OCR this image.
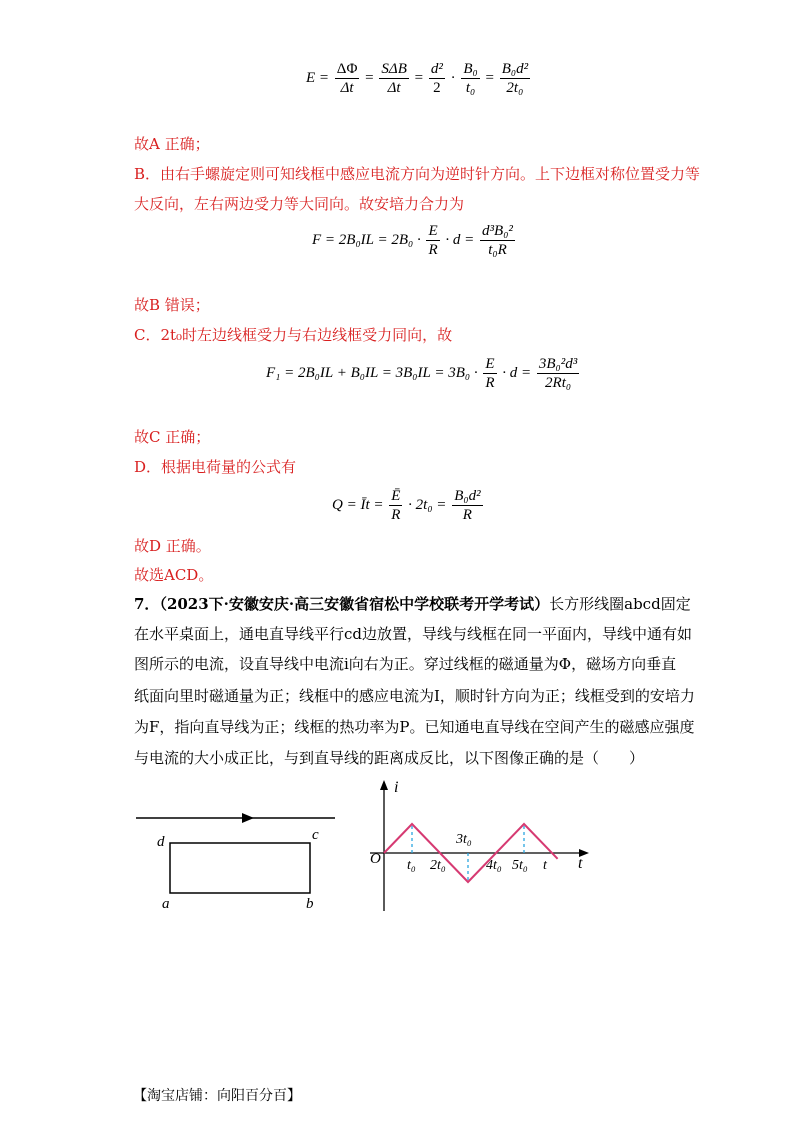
$E = \frac{\Delta\Phi}{\Delta t} = \frac{\text{SΔB}}{\Delta t} = \frac{\text{d²}}{2} \cdot \frac{\text{B₀}}{\text{t₀}} = \frac{\text{B₀d²}}{\text{2t₀}}$
故A 正确；
B．由右手螺旋定则可知线框中感应电流方向为逆时针方向。上下边框对称位置受力等
大反向，左右两边受力等大同向。故安培力合力为
$F = 2B_0IL = 2B_0 \cdot \frac{E}{R} \cdot d = \frac{\text{d³B₀²}}{\text{t₀R}}$
故B 错误；
C．2t₀时左边线框受力与右边线框受力同向，故
$F_1 = 2B_0IL + B_0IL = 3B_0IL = 3B_0 \cdot \frac{E}{R} \cdot d = \frac{\text{3B₀²d³}}{\text{2Rt₀}}$
故C 正确；
D．根据电荷量的公式有
Q = Īt = $\frac{Ē}{R} \cdot 2t_0 = \frac{\text{B₀d²}}{R}$
故D 正确。
故选ACD。
7．（2023下·安徽安庆·高三安徽省宿松中学校联考开学考试）长方形线圈abcd固定
在水平桌面上，通电直导线平行cd边放置，导线与线框在同一平面内，导线中通有如
图所示的电流，设直导线中电流i向右为正。穿过线框的磁通量为Φ，磁场方向垂直
纸面向里时磁通量为正；线框中的感应电流为I，顺时针方向为正；线框受到的安培力
为F，指向直导线为正；线框的热功率为P。已知通电直导线在空间产生的磁感应强度
与电流的大小成正比，与到直导线的距离成反比，以下图像正确的是（　　）
d	c
a	b
i
O	t
t₀ 2t₀
3t₀
4t₀ 5t₀ t
【淘宝店铺：向阳百分百】
